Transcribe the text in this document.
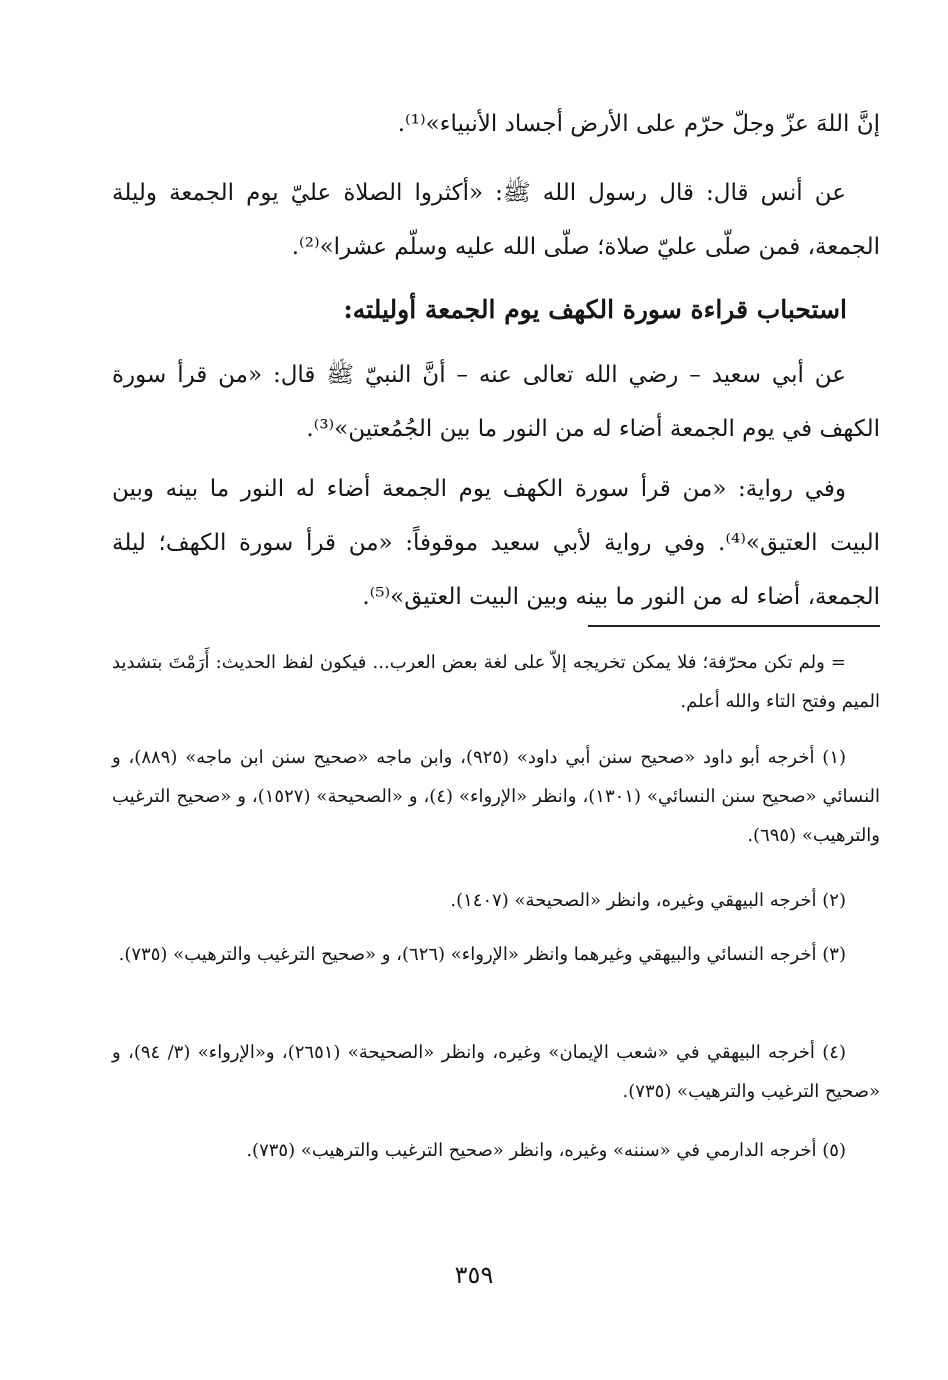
إنَّ اللهَ عزّ وجلّ حرّم على الأرض أجساد الأنبياء»⁽¹⁾.

عن أنس قال: قال رسول الله ﷺ: «أكثروا الصلاة عليّ يوم الجمعة وليلة الجمعة، فمن صلّى عليّ صلاة؛ صلّى الله عليه وسلّم عشرا»⁽²⁾.

استحباب قراءة سورة الكهف يوم الجمعة أوليلته:

عن أبي سعيد – رضي الله تعالى عنه – أنَّ النبيّ ﷺ قال: «من قرأ سورة الكهف في يوم الجمعة أضاء له من النور ما بين الجُمُعتين»⁽³⁾.

وفي رواية: «من قرأ سورة الكهف يوم الجمعة أضاء له النور ما بينه وبين البيت العتيق»⁽⁴⁾. وفي رواية لأبي سعيد موقوفاً: «من قرأ سورة الكهف؛ ليلة الجمعة، أضاء له من النور ما بينه وبين البيت العتيق»⁽⁵⁾.

= ولم تكن محرّفة؛ فلا يمكن تخريجه إلاّ على لغة بعض العرب... فيكون لفظ الحديث: أَرَمْتَ بتشديد الميم وفتح التاء والله أعلم.

(١) أخرجه أبو داود «صحيح سنن أبي داود» (٩٢٥)، وابن ماجه «صحيح سنن ابن ماجه» (٨٨٩)، و النسائي «صحيح سنن النسائي» (١٣٠١)، وانظر «الإرواء» (٤)، و «الصحيحة» (١٥٢٧)، و «صحيح الترغيب والترهيب» (٦٩٥).

(٢) أخرجه البيهقي وغيره، وانظر «الصحيحة» (١٤٠٧).

(٣) أخرجه النسائي والبيهقي وغيرهما وانظر «الإرواء» (٦٢٦)، و «صحيح الترغيب والترهيب» (٧٣٥).

(٤) أخرجه البيهقي في «شعب الإيمان» وغيره، وانظر «الصحيحة» (٢٦٥١)، و«الإرواء» (٣/ ٩٤)، و «صحيح الترغيب والترهيب» (٧٣٥).

(٥) أخرجه الدارمي في «سننه» وغيره، وانظر «صحيح الترغيب والترهيب» (٧٣٥).

٣٥٩
